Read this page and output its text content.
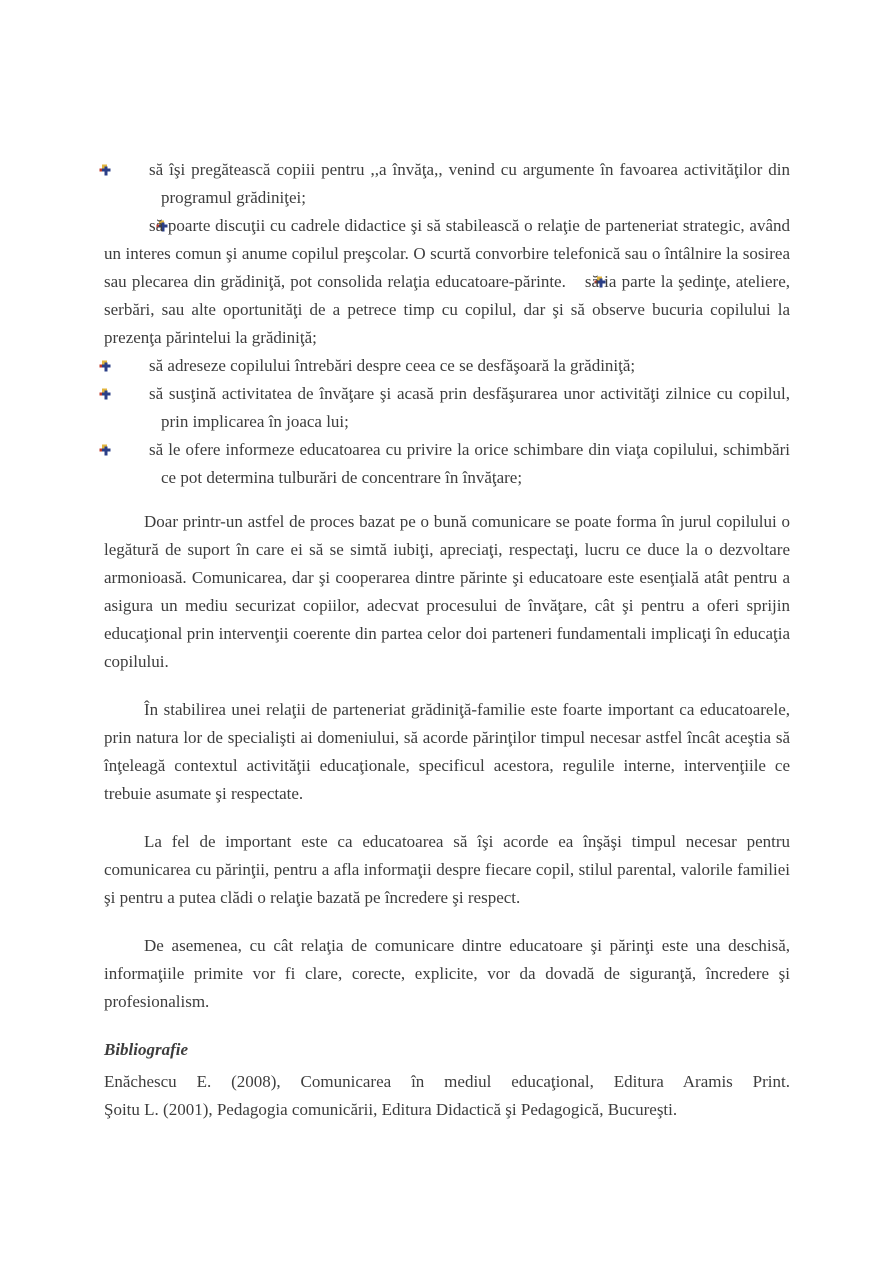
să îşi pregătească copiii pentru ,,a învăţa,, venind cu argumente în favoarea activităţilor din programul grădiniţei;
să poarte discuţii cu cadrele didactice şi să stabilească o relaţie de parteneriat strategic, având un interes comun şi anume copilul preşcolar. O scurtă convorbire telefonică sau o întâlnire la sosirea sau plecarea din grădiniţă, pot consolida relaţia educatoare-părinte. să ia parte la şedinţe, ateliere, serbări, sau alte oportunităţi de a petrece timp cu copilul, dar şi să observe bucuria copilului la prezenţa părintelui la grădiniţă;
să adreseze copilului întrebări despre ceea ce se desfăşoară la grădiniţă;
să susţină activitatea de învăţare şi acasă prin desfăşurarea unor activităţi zilnice cu copilul, prin implicarea în joaca lui;
să le ofere informeze educatoarea cu privire la orice schimbare din viaţa copilului, schimbări ce pot determina tulburări de concentrare în învăţare;

Doar printr-un astfel de proces bazat pe o bună comunicare se poate forma în jurul copilului o legătură de suport în care ei să se simtă iubiţi, apreciaţi, respectaţi, lucru ce duce la o dezvoltare armonioasă. Comunicarea, dar şi cooperarea dintre părinte şi educatoare este esenţială atât pentru a asigura un mediu securizat copiilor, adecvat procesului de învăţare, cât şi pentru a oferi sprijin educaţional prin intervenţii coerente din partea celor doi parteneri fundamentali implicaţi în educaţia copilului.

În stabilirea unei relaţii de parteneriat grădiniţă-familie este foarte important ca educatoarele, prin natura lor de specialişti ai domeniului, să acorde părinţilor timpul necesar astfel încât aceştia să înţeleagă contextul activităţii educaţionale, specificul acestora, regulile interne, intervenţiile ce trebuie asumate şi respectate.

La fel de important este ca educatoarea să îşi acorde ea înşăşi timpul necesar pentru comunicarea cu părinţii, pentru a afla informaţii despre fiecare copil, stilul parental, valorile familiei şi pentru a putea clădi o relaţie bazată pe încredere şi respect.

De asemenea, cu cât relaţia de comunicare dintre educatoare şi părinţi este una deschisă, informaţiile primite vor fi clare, corecte, explicite, vor da dovadă de siguranţă, încredere şi profesionalism.

Bibliografie
Enăchescu E. (2008), Comunicarea în mediul educaţional, Editura Aramis Print.
Şoitu L. (2001), Pedagogia comunicării, Editura Didactică şi Pedagogică, Bucureşti.
